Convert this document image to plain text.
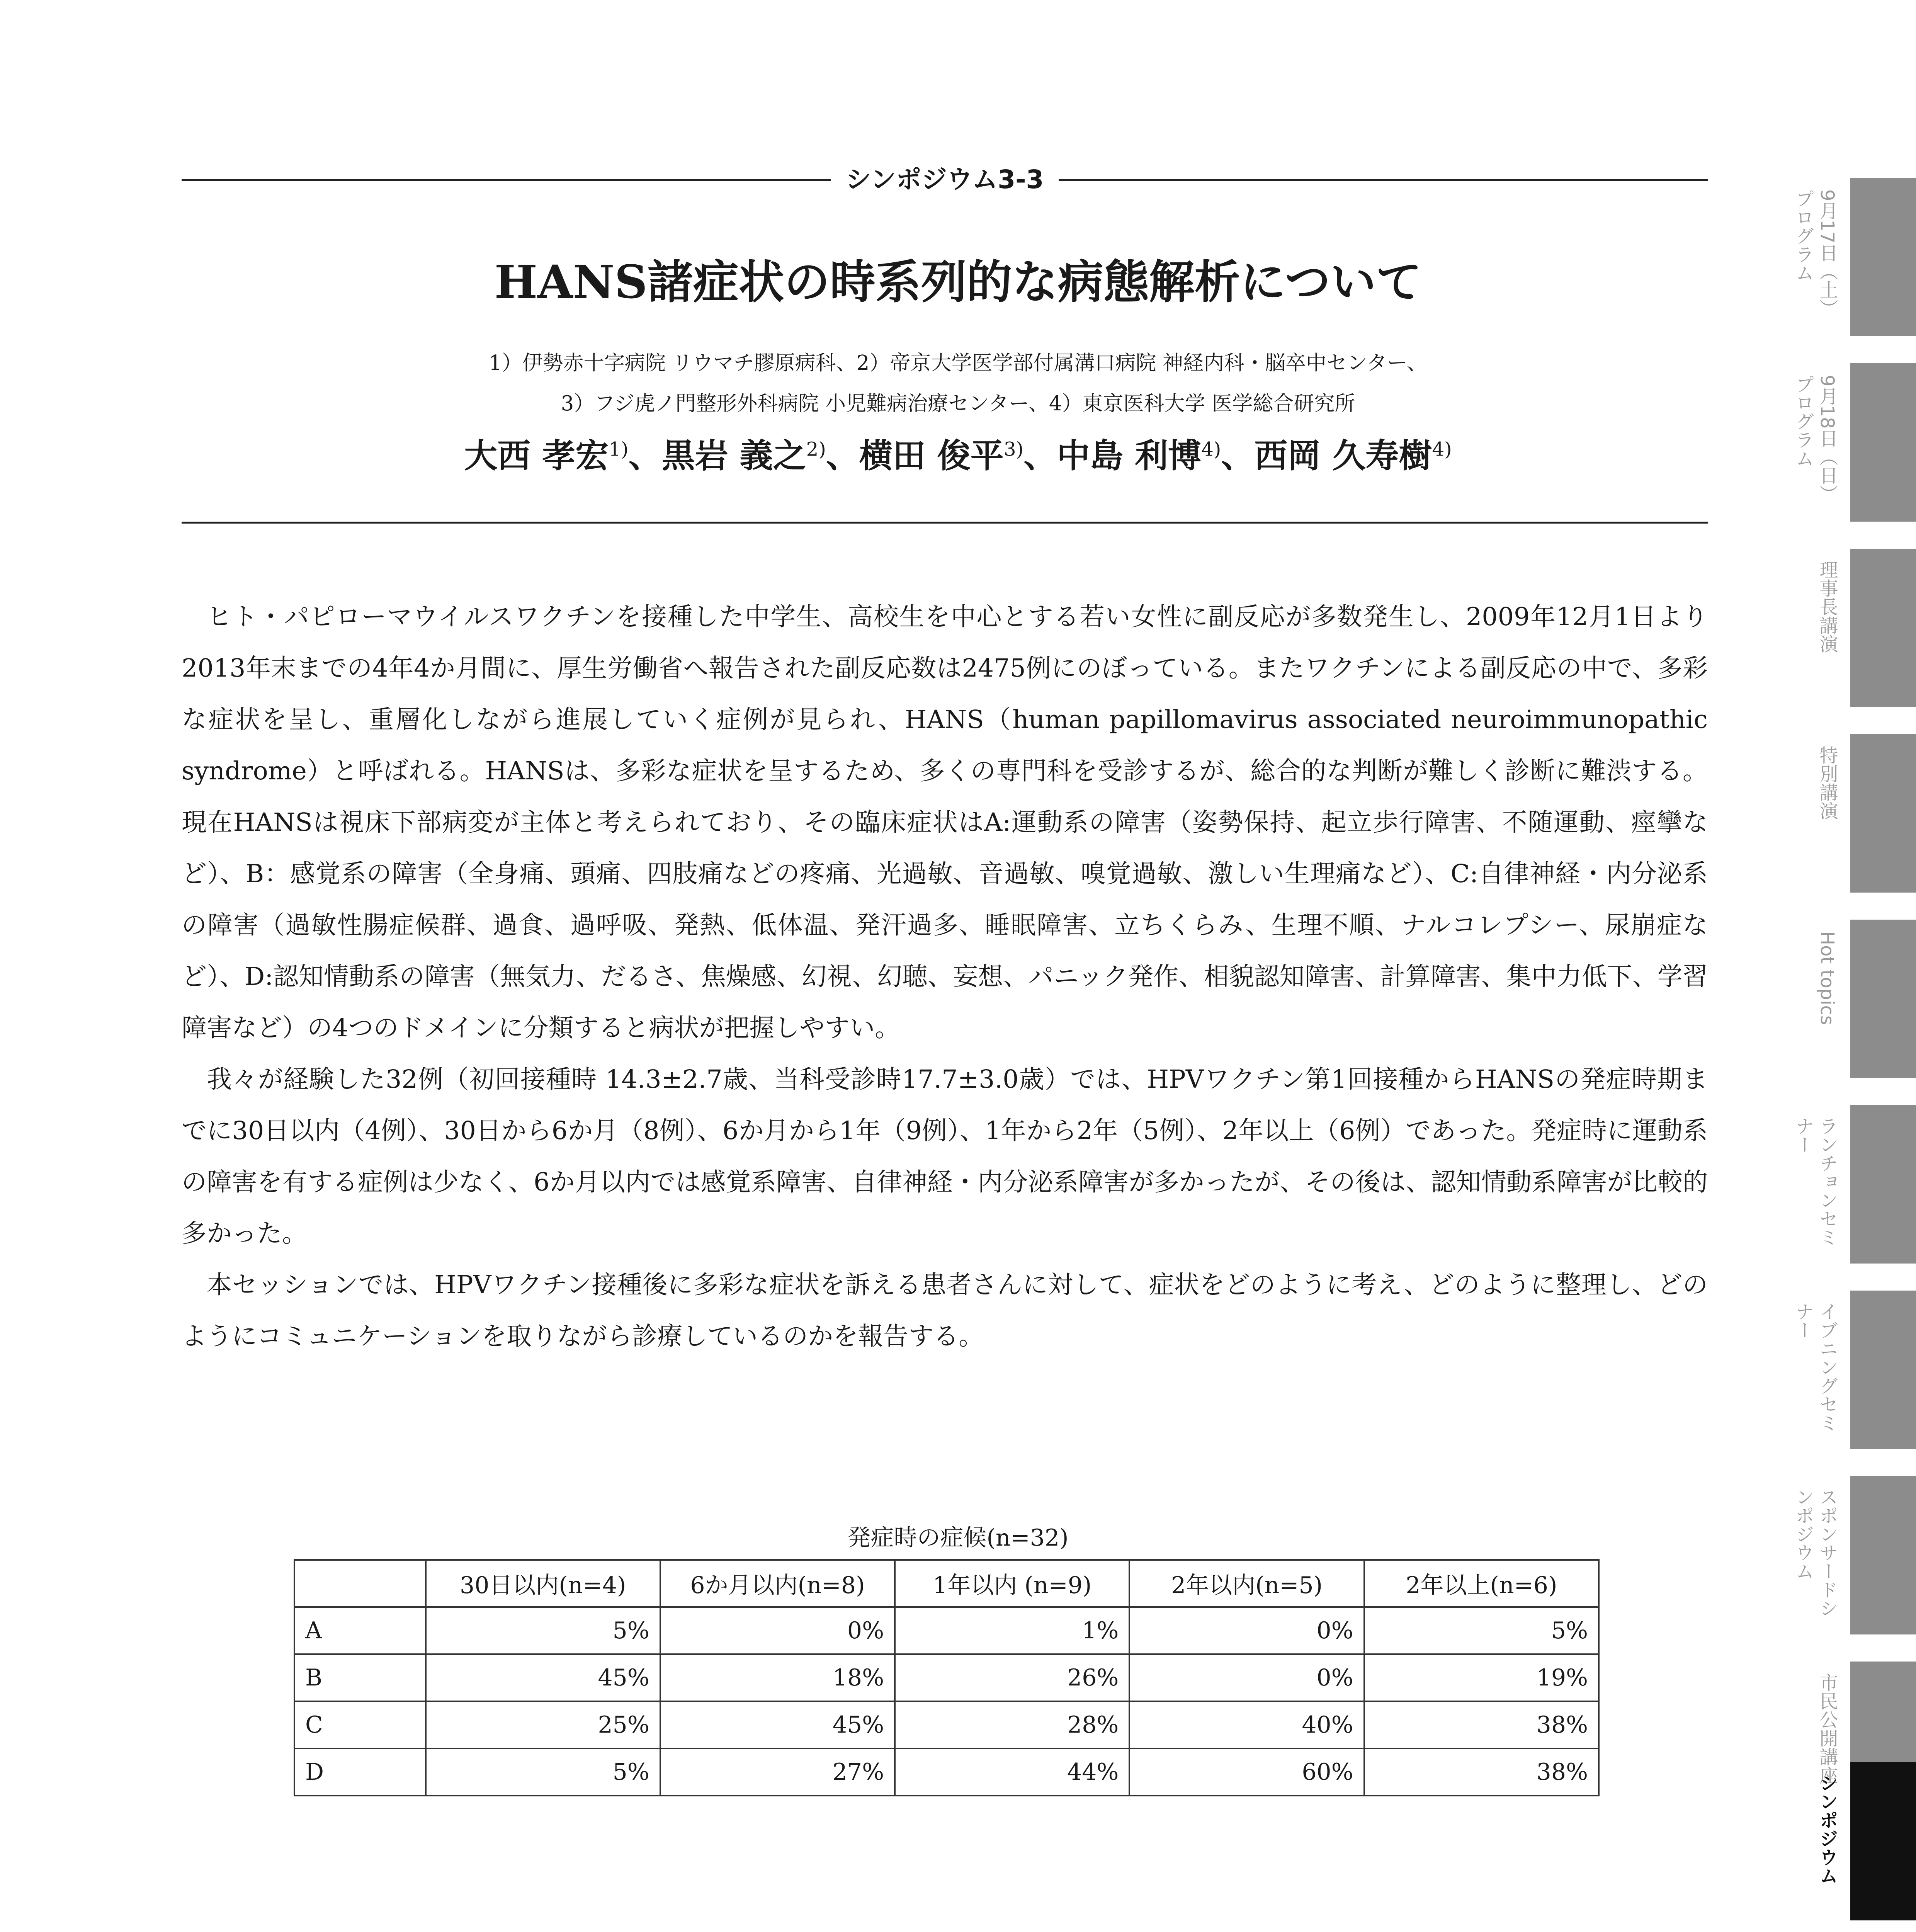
シンポジウム3-3
HANS諸症状の時系列的な病態解析について
1）伊勢赤十字病院 リウマチ膠原病科、2）帝京大学医学部付属溝口病院 神経内科・脳卒中センター、
3）フジ虎ノ門整形外科病院 小児難病治療センター、4）東京医科大学 医学総合研究所
大西 孝宏$^{1)}$、黒岩 義之$^{2)}$、横田 俊平$^{3)}$、中島 利博$^{4)}$、西岡 久寿樹$^{4)}$

ヒト・パピローマウイルスワクチンを接種した中学生、高校生を中心とする若い女性に副反応が多数発生し、2009年12月1日より2013年末までの4年4か月間に、厚生労働省へ報告された副反応数は2475例にのぼっている。またワクチンによる副反応の中で、多彩な症状を呈し、重層化しながら進展していく症例が見られ、HANS（human papillomavirus associated neuroimmunopathic syndrome）と呼ばれる。HANSは、多彩な症状を呈するため、多くの専門科を受診するが、総合的な判断が難しく診断に難渋する。現在HANSは視床下部病変が主体と考えられており、その臨床症状はA:運動系の障害（姿勢保持、起立歩行障害、不随運動、痙攣など）、B：感覚系の障害（全身痛、頭痛、四肢痛などの疼痛、光過敏、音過敏、嗅覚過敏、激しい生理痛など）、C:自律神経・内分泌系の障害（過敏性腸症候群、過食、過呼吸、発熱、低体温、発汗過多、睡眠障害、立ちくらみ、生理不順、ナルコレプシー、尿崩症など）、D:認知情動系の障害（無気力、だるさ、焦燥感、幻視、幻聴、妄想、パニック発作、相貌認知障害、計算障害、集中力低下、学習障害など）の4つのドメインに分類すると病状が把握しやすい。

我々が経験した32例（初回接種時 14.3±2.7歳、当科受診時17.7±3.0歳）では、HPVワクチン第1回接種からHANSの発症時期までに30日以内（4例）、30日から6か月（8例）、6か月から1年（9例）、1年から2年（5例）、2年以上（6例）であった。発症時に運動系の障害を有する症例は少なく、6か月以内では感覚系障害、自律神経・内分泌系障害が多かったが、その後は、認知情動系障害が比較的多かった。

本セッションでは、HPVワクチン接種後に多彩な症状を訴える患者さんに対して、症状をどのように考え、どのように整理し、どのようにコミュニケーションを取りながら診療しているのかを報告する。

発症時の症候(n=32)
	30日以内(n=4)	6か月以内(n=8)	1年以内 (n=9)	2年以内(n=5)	2年以上(n=6)
A	5%	0%	1%	0%	5%
B	45%	18%	26%	0%	19%
C	25%	45%	28%	40%	38%
D	5%	27%	44%	60%	38%
9月17日（土）プログラム
9月18日（日）プログラム
理事長講演
特別講演
Hot topics
ランチョンセミナー
イブニングセミナー
スポンサードシンポジウム
市民公開講座
シンポジウム
